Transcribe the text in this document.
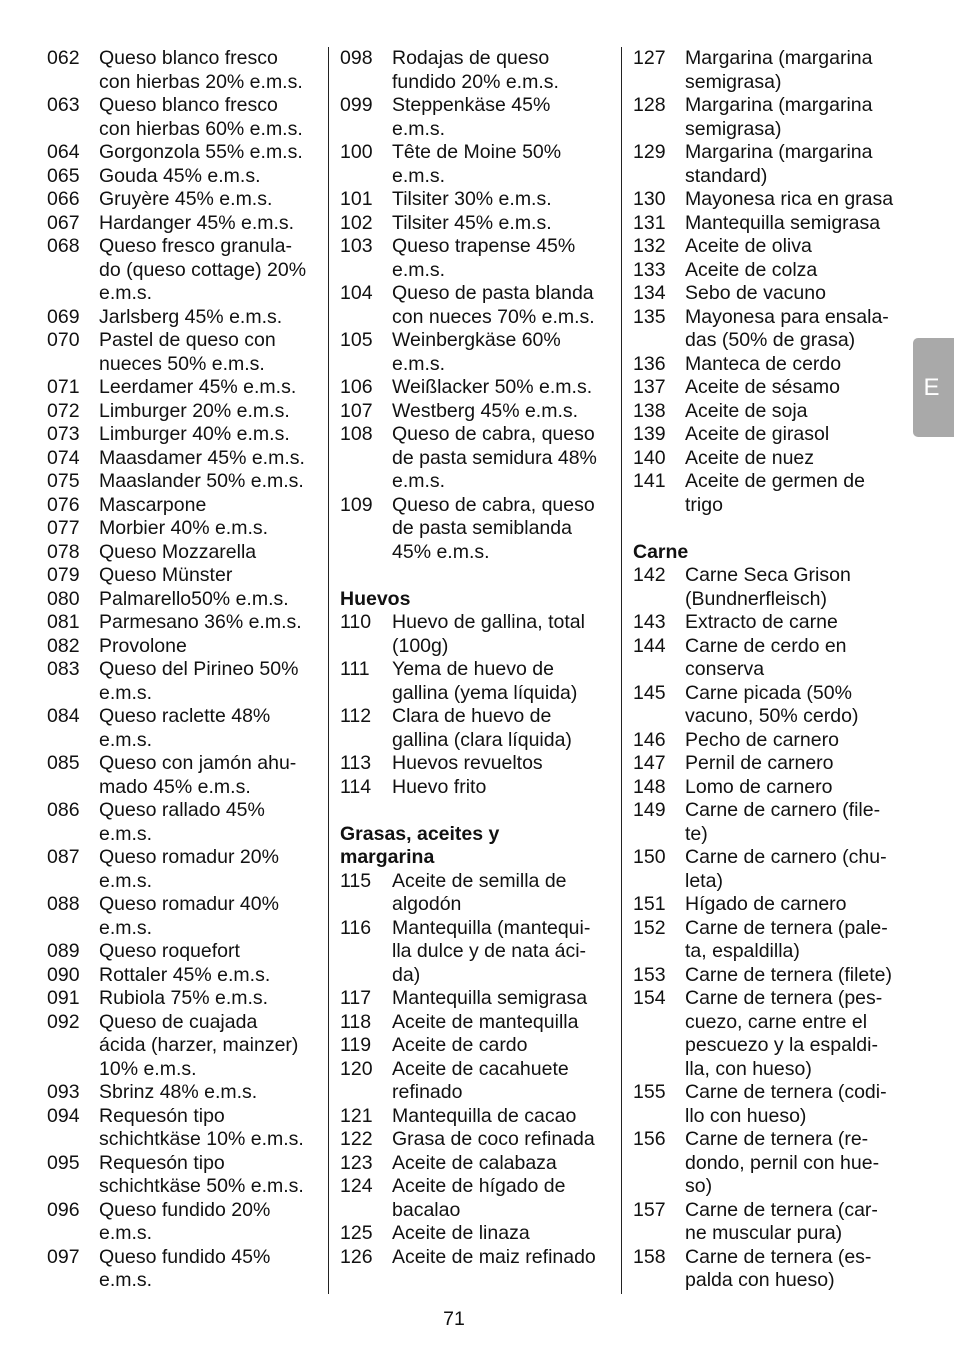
062 Queso blanco fresco
con hierbas 20% e.m.s.
063 Queso blanco fresco
con hierbas 60% e.m.s.
064 Gorgonzola 55% e.m.s.
065 Gouda 45% e.m.s.
066 Gruyère 45% e.m.s.
067 Hardanger 45% e.m.s.
068 Queso fresco granula-
do (queso cottage) 20%
e.m.s.
069 Jarlsberg 45% e.m.s.
070 Pastel de queso con
nueces 50% e.m.s.
071 Leerdamer 45% e.m.s.
072 Limburger 20% e.m.s.
073 Limburger 40% e.m.s.
074 Maasdamer 45% e.m.s.
075 Maaslander 50% e.m.s.
076 Mascarpone
077 Morbier 40% e.m.s.
078 Queso Mozzarella
079 Queso Münster
080 Palmarello50% e.m.s.
081 Parmesano 36% e.m.s.
082 Provolone
083 Queso del Pirineo 50%
e.m.s.
084 Queso raclette 48%
e.m.s.
085 Queso con jamón ahu-
mado 45% e.m.s.
086 Queso rallado 45%
e.m.s.
087 Queso romadur 20%
e.m.s.
088 Queso romadur 40%
e.m.s.
089 Queso roquefort
090 Rottaler 45% e.m.s.
091 Rubiola 75% e.m.s.
092 Queso de cuajada
ácida (harzer, mainzer)
10% e.m.s.
093 Sbrinz 48% e.m.s.
094 Requesón tipo
schichtkäse 10% e.m.s.
095 Requesón tipo
schichtkäse 50% e.m.s.
096 Queso fundido 20%
e.m.s.
097 Queso fundido 45%
e.m.s.
098 Rodajas de queso
fundido 20% e.m.s.
099 Steppenkäse 45%
e.m.s.
100 Tête de Moine 50%
e.m.s.
101 Tilsiter 30% e.m.s.
102 Tilsiter 45% e.m.s.
103 Queso trapense 45%
e.m.s.
104 Queso de pasta blanda
con nueces 70% e.m.s.
105 Weinbergkäse 60%
e.m.s.
106 Weißlacker 50% e.m.s.
107 Westberg 45% e.m.s.
108 Queso de cabra, queso
de pasta semidura 48%
e.m.s.
109 Queso de cabra, queso
de pasta semiblanda
45% e.m.s.
Huevos
110	Huevo de gallina, total
(100g)
111	Yema de huevo de
gallina (yema líquida)
112	Clara de huevo de
gallina (clara líquida)
113	Huevos revueltos
114	Huevo frito
Grasas, aceites y
margarina
115	Aceite de semilla de
algodón
116	Mantequilla (mantequi-
lla dulce y de nata áci-
da)
117	Mantequilla semigrasa
118	Aceite de mantequilla
119	Aceite de cardo
120 Aceite de cacahuete
refinado
121 Mantequilla de cacao
122 Grasa de coco refinada
123 Aceite de calabaza
124 Aceite de hígado de
bacalao
125 Aceite de linaza
126 Aceite de maiz refinado
127 Margarina (margarina
semigrasa)
128 Margarina (margarina
semigrasa)
129 Margarina (margarina
standard)
130 Mayonesa rica en grasa
131 Mantequilla semigrasa
132 Aceite de oliva
133 Aceite de colza
134 Sebo de vacuno
135 Mayonesa para ensala-
das (50% de grasa)
136 Manteca de cerdo
137 Aceite de sésamo
138 Aceite de soja
139 Aceite de girasol
140 Aceite de nuez
141 Aceite de germen de
trigo
Carne
142 Carne Seca Grison
(Bundnerfleisch)
143 Extracto de carne
144 Carne de cerdo en
conserva
145 Carne picada (50%
vacuno, 50% cerdo)
146 Pecho de carnero
147 Pernil de carnero
148 Lomo de carnero
149 Carne de carnero (file-
te)
150 Carne de carnero (chu-
leta)
151 Hígado de carnero
152 Carne de ternera (pale-
ta, espaldilla)
153 Carne de ternera (filete)
154 Carne de ternera (pes-
cuezo, carne entre el
pescuezo y la espaldi-
lla, con hueso)
155 Carne de ternera (codi-
llo con hueso)
156 Carne de ternera (re-
dondo, pernil con hue-
so)
157 Carne de ternera (car-
ne muscular pura)
158 Carne de ternera (es-
palda con hueso)
E
71
